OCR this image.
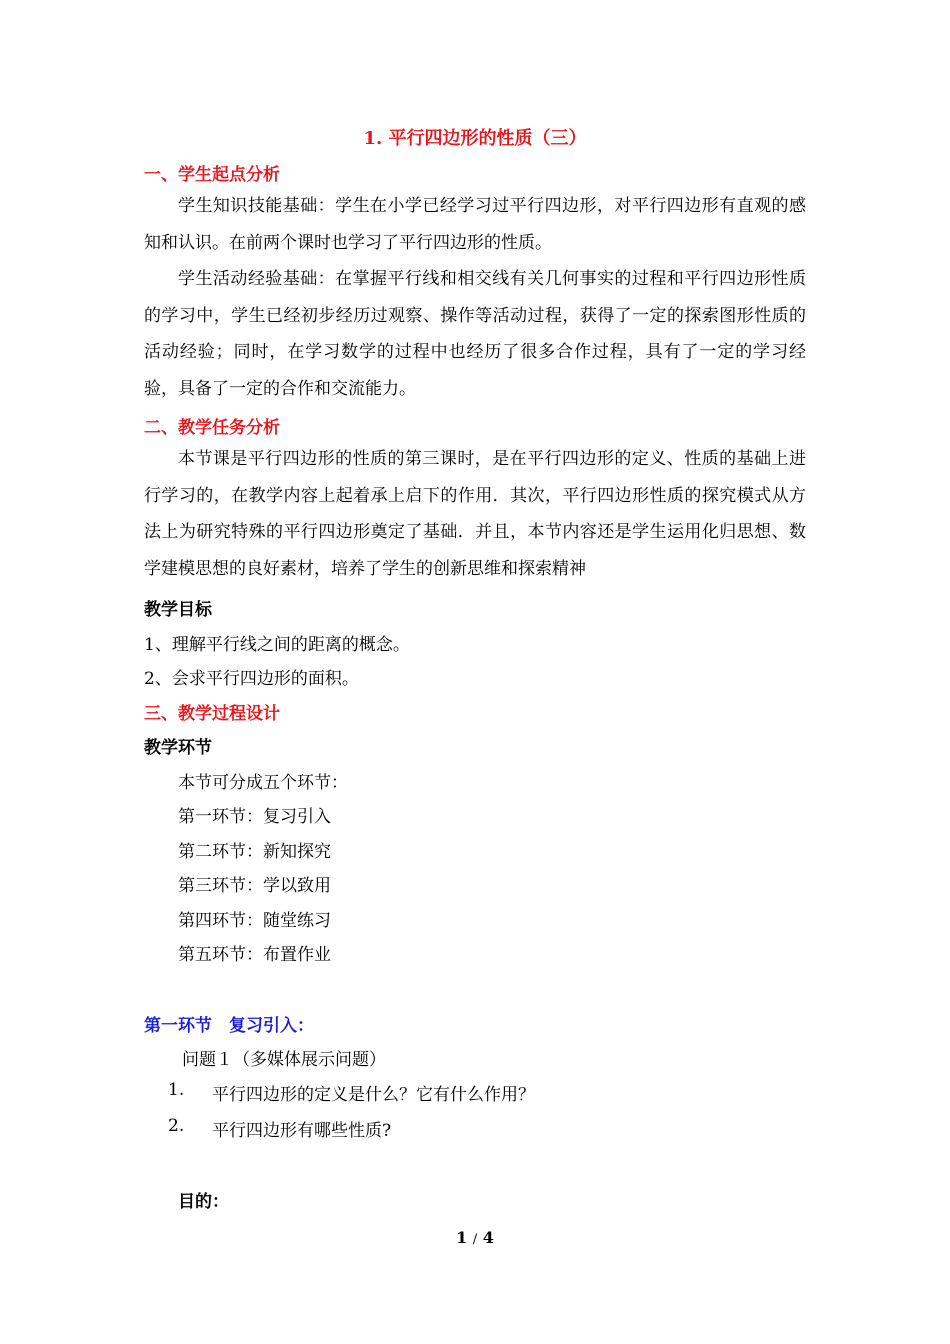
1. 平行四边形的性质（三）
一、学生起点分析

学生知识技能基础：学生在小学已经学习过平行四边形，对平行四边形有直观的感知和认识。在前两个课时也学习了平行四边形的性质。

学生活动经验基础：在掌握平行线和相交线有关几何事实的过程和平行四边形性质的学习中，学生已经初步经历过观察、操作等活动过程，获得了一定的探索图形性质的活动经验；同时，在学习数学的过程中也经历了很多合作过程，具有了一定的学习经验，具备了一定的合作和交流能力。

二、教学任务分析

本节课是平行四边形的性质的第三课时，是在平行四边形的定义、性质的基础上进行学习的，在教学内容上起着承上启下的作用．其次，平行四边形性质的探究模式从方法上为研究特殊的平行四边形奠定了基础．并且，本节内容还是学生运用化归思想、数学建模思想的良好素材，培养了学生的创新思维和探索精神

教学目标
1、理解平行线之间的距离的概念。
2、会求平行四边形的面积。
三、教学过程设计
教学环节
本节可分成五个环节：
第一环节：复习引入
第二环节：新知探究
第三环节：学以致用
第四环节：随堂练习
第五环节：布置作业
第一环节　复习引入：
问题１（多媒体展示问题）
1. 平行四边形的定义是什么？它有什么作用？
2. 平行四边形有哪些性质?
目的：
1 / 4
